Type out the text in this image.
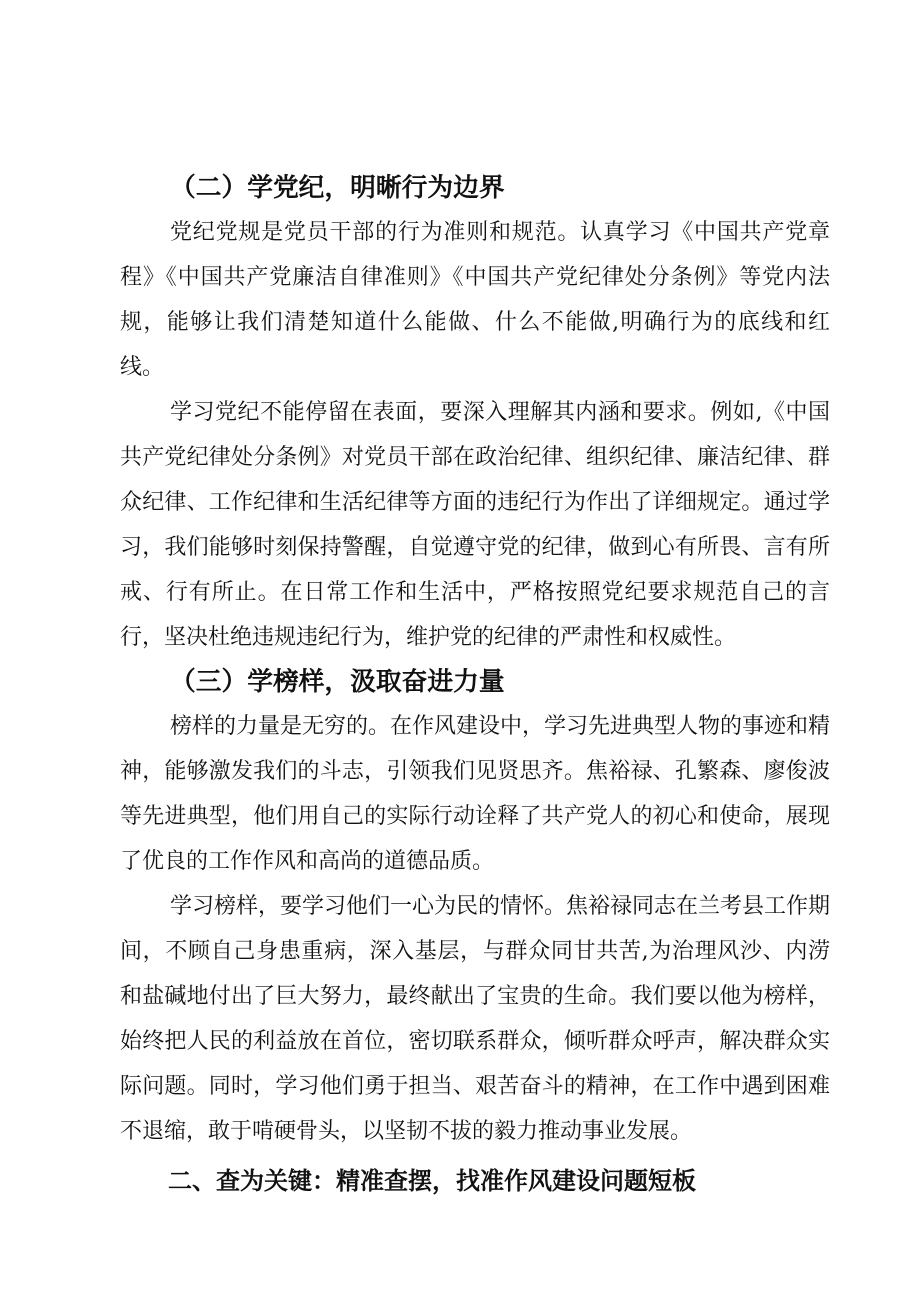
（二）学党纪，明晰行为边界

党纪党规是党员干部的行为准则和规范。认真学习《中国共产党章程》《中国共产党廉洁自律准则》《中国共产党纪律处分条例》等党内法规，能够让我们清楚知道什么能做、什么不能做,明确行为的底线和红线。

学习党纪不能停留在表面，要深入理解其内涵和要求。例如,《中国共产党纪律处分条例》对党员干部在政治纪律、组织纪律、廉洁纪律、群众纪律、工作纪律和生活纪律等方面的违纪行为作出了详细规定。通过学习，我们能够时刻保持警醒，自觉遵守党的纪律，做到心有所畏、言有所戒、行有所止。在日常工作和生活中，严格按照党纪要求规范自己的言行，坚决杜绝违规违纪行为，维护党的纪律的严肃性和权威性。

（三）学榜样，汲取奋进力量

榜样的力量是无穷的。在作风建设中，学习先进典型人物的事迹和精神，能够激发我们的斗志，引领我们见贤思齐。焦裕禄、孔繁森、廖俊波等先进典型，他们用自己的实际行动诠释了共产党人的初心和使命，展现了优良的工作作风和高尚的道德品质。

学习榜样，要学习他们一心为民的情怀。焦裕禄同志在兰考县工作期间，不顾自己身患重病，深入基层，与群众同甘共苦,为治理风沙、内涝和盐碱地付出了巨大努力，最终献出了宝贵的生命。我们要以他为榜样，始终把人民的利益放在首位，密切联系群众，倾听群众呼声，解决群众实际问题。同时，学习他们勇于担当、艰苦奋斗的精神，在工作中遇到困难不退缩，敢于啃硬骨头，以坚韧不拔的毅力推动事业发展。

二、查为关键：精准查摆，找准作风建设问题短板
